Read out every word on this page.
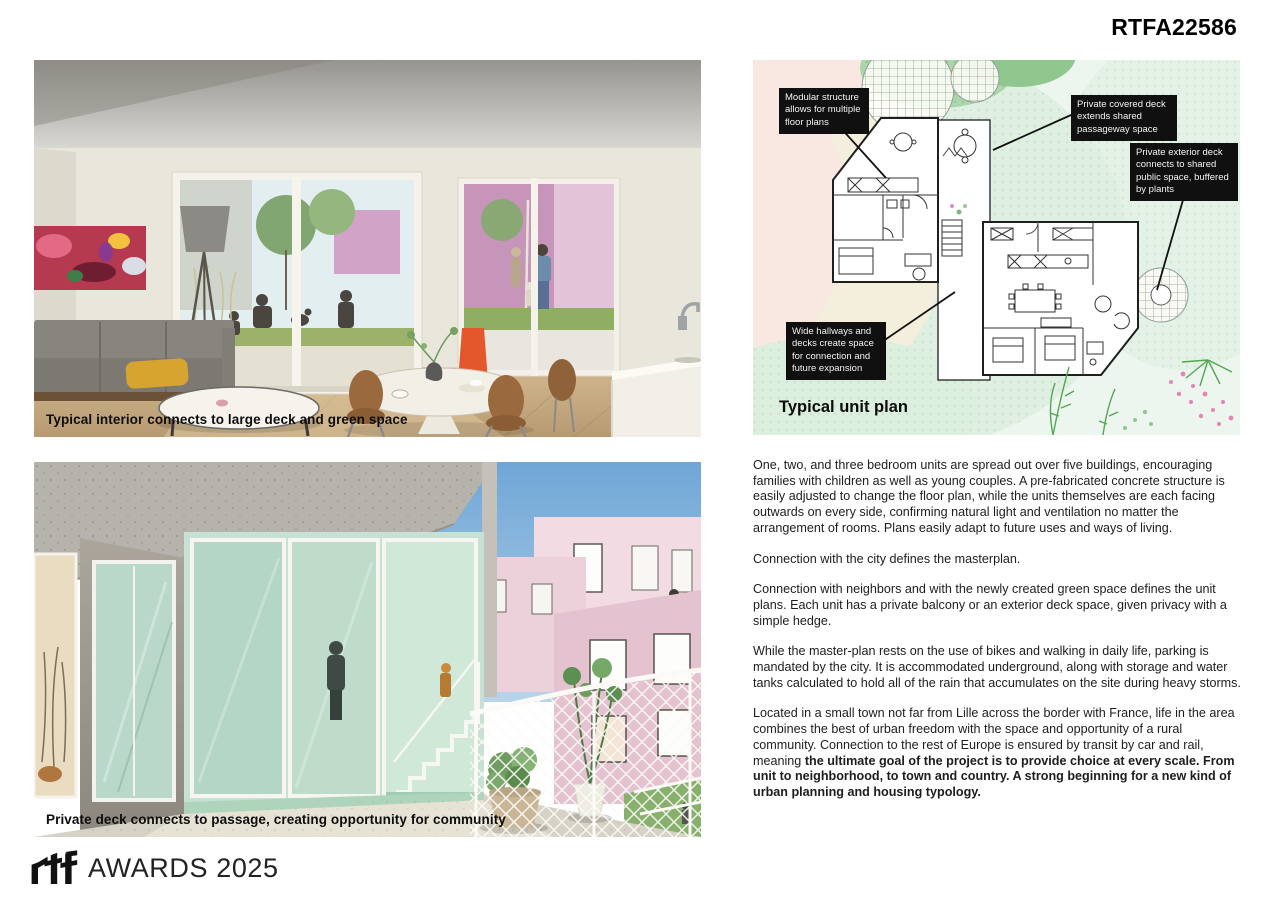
RTFA22586
Typical interior connects to large deck and green space
Private deck connects to passage, creating opportunity for community
Modular structure allows for multiple floor plans
Private covered deck extends shared passageway space
Private exterior deck connects to shared public space, buffered by plants
Wide hallways and decks create space for connection and future expansion
Typical unit plan

One, two, and three bedroom units are spread out over five buildings, encouraging families with children as well as young couples. A pre-fabricated concrete structure is easily adjusted to change the floor plan, while the units themselves are each facing outwards on every side, confirming natural light and ventilation no matter the arrangement of rooms. Plans easily adapt to future uses and ways of living.

Connection with the city defines the masterplan.

Connection with neighbors and with the newly created green space defines the unit plans. Each unit has a private balcony or an exterior deck space, given privacy with a simple hedge.

While the master-plan rests on the use of bikes and walking in daily life, parking is mandated by the city. It is accommodated underground, along with storage and water tanks calculated to hold all of the rain that accumulates on the site during heavy storms.

Located in a small town not far from Lille across the border with France, life in the area combines the best of urban freedom with the space and opportunity of a rural community. Connection to the rest of Europe is ensured by transit by car and rail, meaning the ultimate goal of the project is to provide choice at every scale. From unit to neighborhood, to town and country. A strong beginning for a new kind of urban planning and housing typology.

AWARDS 2025
